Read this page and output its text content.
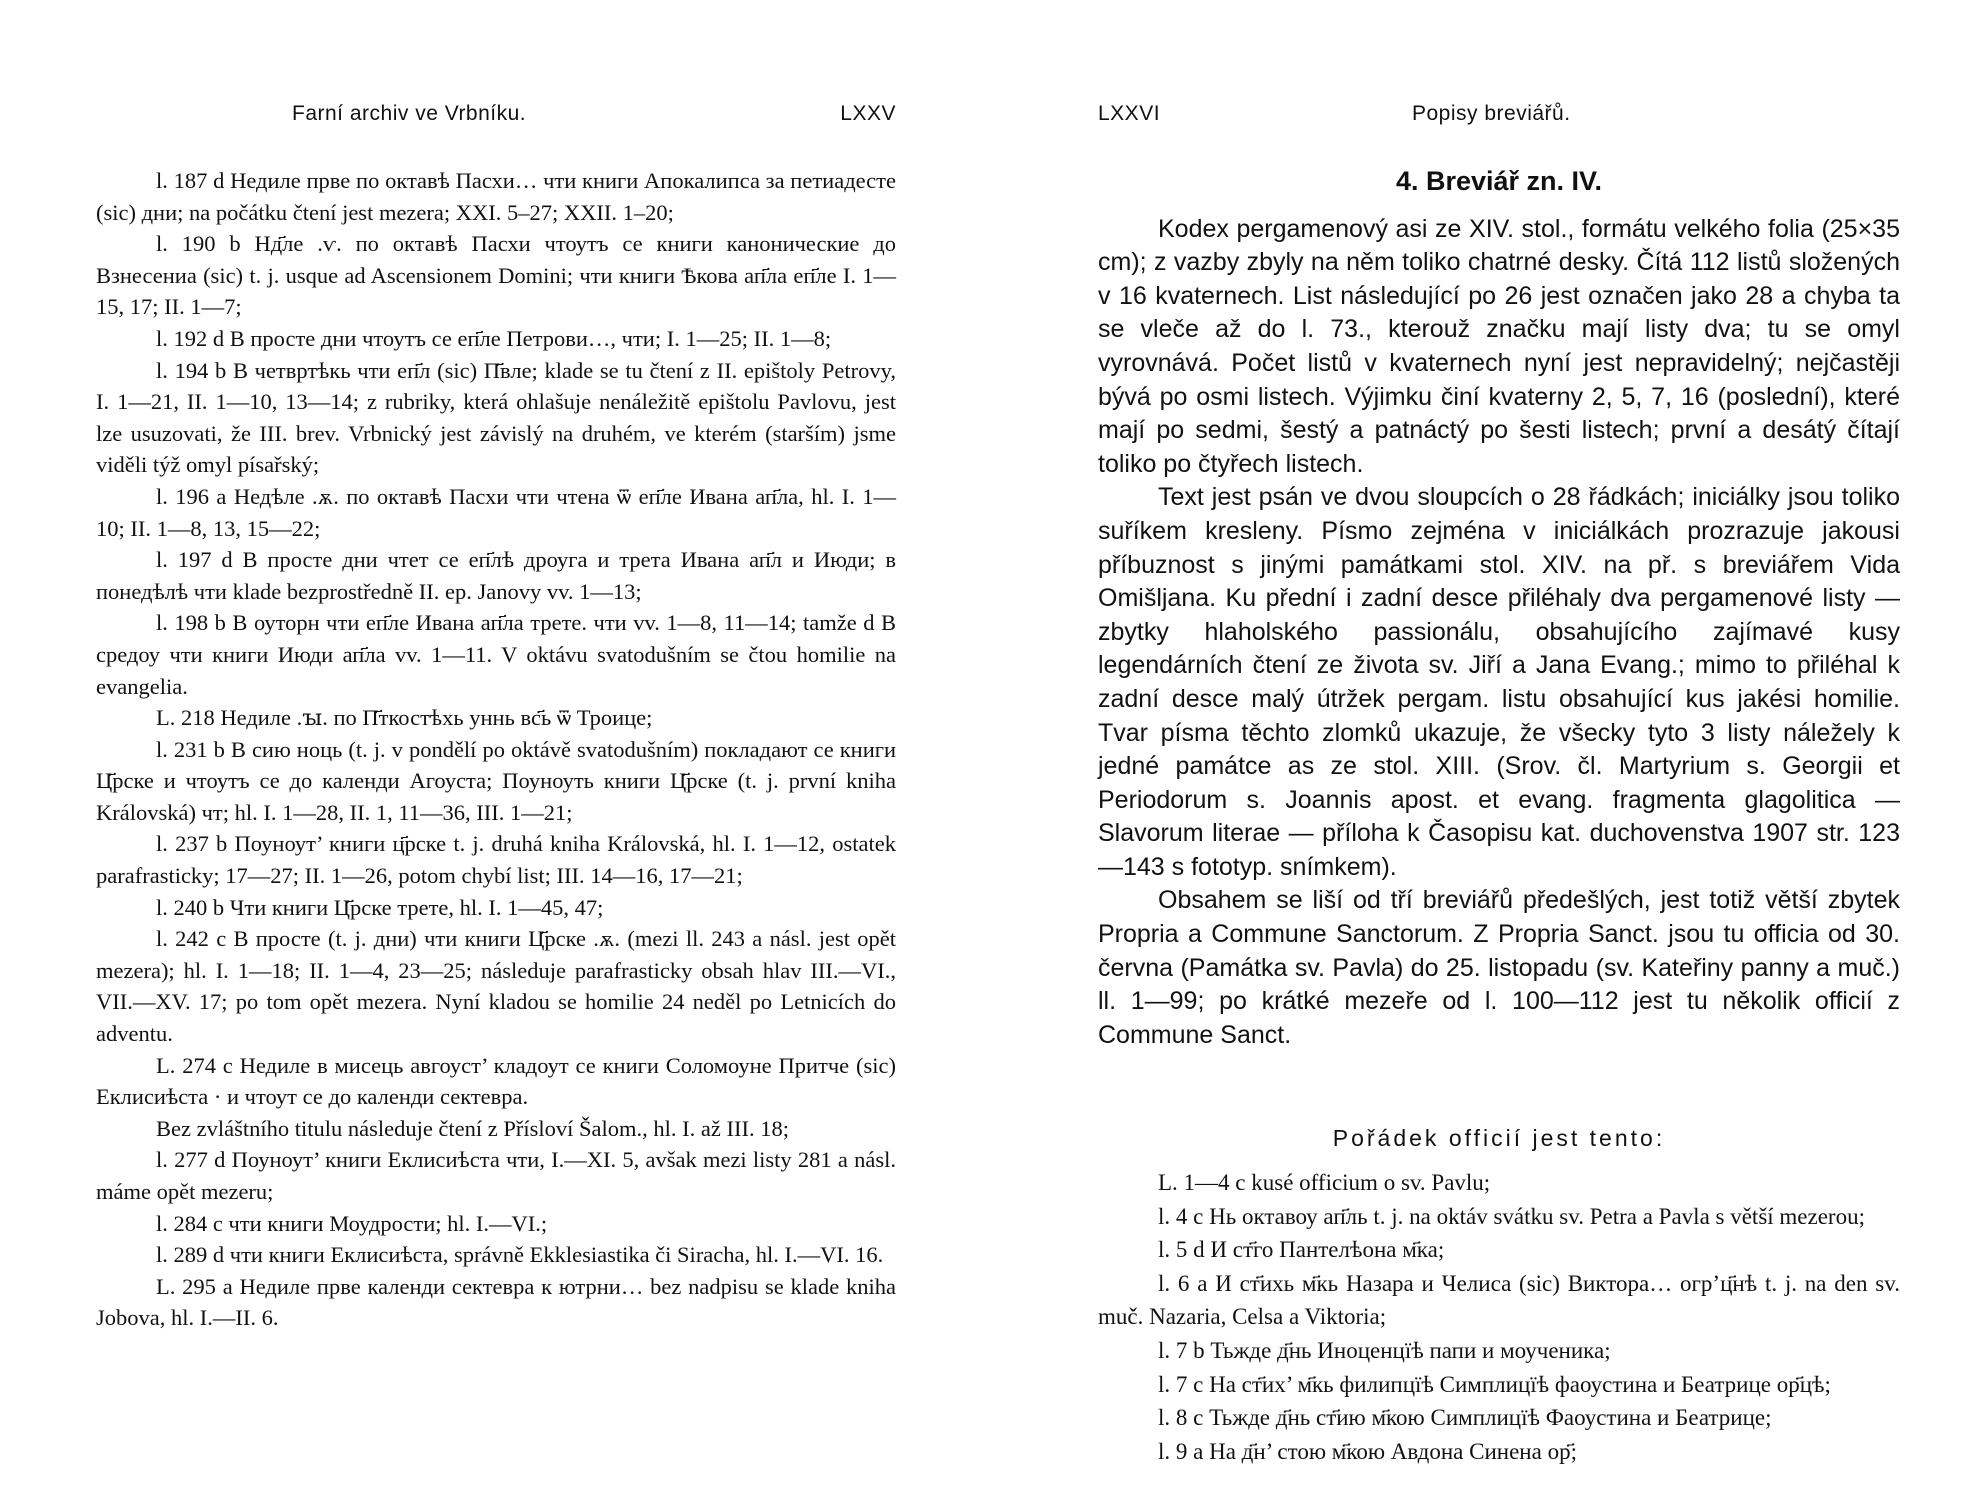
Farní archiv ve Vrbníku.	LXXV

l. 187 d Недиле прве по октавѣ Пасхи… чти книги Апокалипса за петиадесте (sic) дни; na počátku čtení jest mezera; XXI. 5–27; XXII. 1–20;

l. 190 b Нд҃ле .ѵ. по октавѣ Пасхи чтоутъ се книги канонические до Взнесениа (sic) t. j. usque ad Ascensionem Domini; чти книги Ѣкова ап҃ла еп҃ле I. 1—15, 17; II. 1—7;

l. 192 d В просте дни чтоутъ се еп҃ле Петрови…, чти; I. 1—25; II. 1—8;

l. 194 b В четвртѣкь чти еп҃л (sic) П҃вле; klade se tu čtení z II. epištoly Petrovy, I. 1—21, II. 1—10, 13—14; z rubriky, která ohlašuje nenáležitě epištolu Pavlovu, jest lze usuzovati, že III. brev. Vrbnický jest závislý na druhém, ve kterém (starším) jsme viděli týž omyl písařský;

l. 196 a Недѣле .ѫ. по октавѣ Пасхи чти чтена ѿ еп҃ле Ивана ап҃ла, hl. I. 1—10; II. 1—8, 13, 15—22;

l. 197 d В просте дни чтет се еп҃лѣ дроуга и трета Ивана ап҃л и Июди; в понедѣлѣ чти klade bezprostředně II. ep. Janovy vv. 1—13;

l. 198 b В оуторн чти еп҃ле Ивана ап҃ла трете. чти vv. 1—8, 11—14; tamže d В средоу чти книги Июди ап҃ла vv. 1—11. V oktávu svatodušním se čtou homilie na evangelia.

L. 218 Недиле .ꙑ. по П҃ткостѣхь уннь вс҃ь ѿ Троице;

l. 231 b В сию ноць (t. j. v pondělí po oktávě svatodušním) покладают се книги Ц҃рске и чтоутъ се до календи Агоуста; Поуноуть книги Ц҃рске (t. j. první kniha Královská) чт; hl. I. 1—28, II. 1, 11—36, III. 1—21;

l. 237 b Поуноут’ книги ц҃рске t. j. druhá kniha Královská, hl. I. 1—12, ostatek parafrasticky; 17—27; II. 1—26, potom chybí list; III. 14—16, 17—21;

l. 240 b Чти книги Ц҃рске трете, hl. I. 1—45, 47;

l. 242 c В просте (t. j. дни) чти книги Ц҃рске .ѫ. (mezi ll. 243 a násl. jest opět mezera); hl. I. 1—18; II. 1—4, 23—25; následuje parafrasticky obsah hlav III.—VI., VII.—XV. 17; po tom opět mezera. Nyní kladou se homilie 24 neděl po Letnicích do adventu.

L. 274 c Недиле в мисець авгоуст’ кладоут се книги Соломоуне Притче (sic) Еклисиѣста · и чтоут се до календи сектевра.

Bez zvláštního titulu následuje čtení z Přísloví Šalom., hl. I. až III. 18;

l. 277 d Поуноут’ книги Еклисиѣста чти, I.—XI. 5, avšak mezi listy 281 a násl. máme opět mezeru;

l. 284 c чти книги Моудрости; hl. I.—VI.;

l. 289 d чти книги Еклисиѣста, správně Ekklesiastika či Siracha, hl. I.—VI. 16.

L. 295 a Недиле прве календи сектевра к ютрни… bez nadpisu se klade kniha Jobova, hl. I.—II. 6.

LXXVI	Popisy breviářů.

4. Breviář zn. IV.

Kodex pergamenový asi ze XIV. stol., formátu velkého folia (25×35 cm); z vazby zbyly na něm toliko chatrné desky. Čítá 112 listů složených v 16 kvaternech. List následující po 26 jest označen jako 28 a chyba ta se vleče až do l. 73., kterouž značku mají listy dva; tu se omyl vyrovnává. Počet listů v kvaternech nyní jest nepravidelný; nejčastěji bývá po osmi listech. Výjimku činí kvaterny 2, 5, 7, 16 (poslední), které mají po sedmi, šestý a patnáctý po šesti listech; první a desátý čítají toliko po čtyřech listech.

Text jest psán ve dvou sloupcích o 28 řádkách; iniciálky jsou toliko suříkem kresleny. Písmo zejména v iniciálkách prozrazuje jakousi příbuznost s jinými památkami stol. XIV. na př. s breviářem Vida Omišljana. Ku přední i zadní desce přiléhaly dva pergamenové listy — zbytky hlaholského passionálu, obsahujícího zajímavé kusy legendárních čtení ze života sv. Jiří a Jana Evang.; mimo to přiléhal k zadní desce malý útržek pergam. listu obsahující kus jakési homilie. Tvar písma těchto zlomků ukazuje, že všecky tyto 3 listy náležely k jedné památce as ze stol. XIII. (Srov. čl. Martyrium s. Georgii et Periodorum s. Joannis apost. et evang. fragmenta glagolitica — Slavorum literae — příloha k Časopisu kat. duchovenstva 1907 str. 123—143 s fototyp. snímkem).

Obsahem se liší od tří breviářů předešlých, jest totiž větší zbytek Propria a Commune Sanctorum. Z Propria Sanct. jsou tu officia od 30. června (Památka sv. Pavla) do 25. listopadu (sv. Kateřiny panny a muč.) ll. 1—99; po krátké mezeře od l. 100—112 jest tu několik officií z Commune Sanct.

Pořádek officií jest tento:

L. 1—4 c kusé officium o sv. Pavlu;

l. 4 c Нь октавоу ап҃ль t. j. na oktáv svátku sv. Petra a Pavla s větší mezerou;

l. 5 d И ст҃го Пантелѣона м҃ка;

l. 6 a И ст҃ихь м҃кь Назара и Челиса (sic) Виктора… огр’ц҃нѣ t. j. na den sv. muč. Nazaria, Celsa a Viktoria;

l. 7 b Тьжде д҃нь Иноценцїѣ папи и моученика;

l. 7 c На ст҃их’ м҃кь филипцїѣ Симплицїѣ фаоустина и Беатрице ор҃цѣ;

l. 8 c Тьжде д҃нь ст҃ию м҃кою Симплицїѣ Фаоустина и Беатрице;

l. 9 a На д҃н’ стою м҃кою Авдона Синена ор҃;
